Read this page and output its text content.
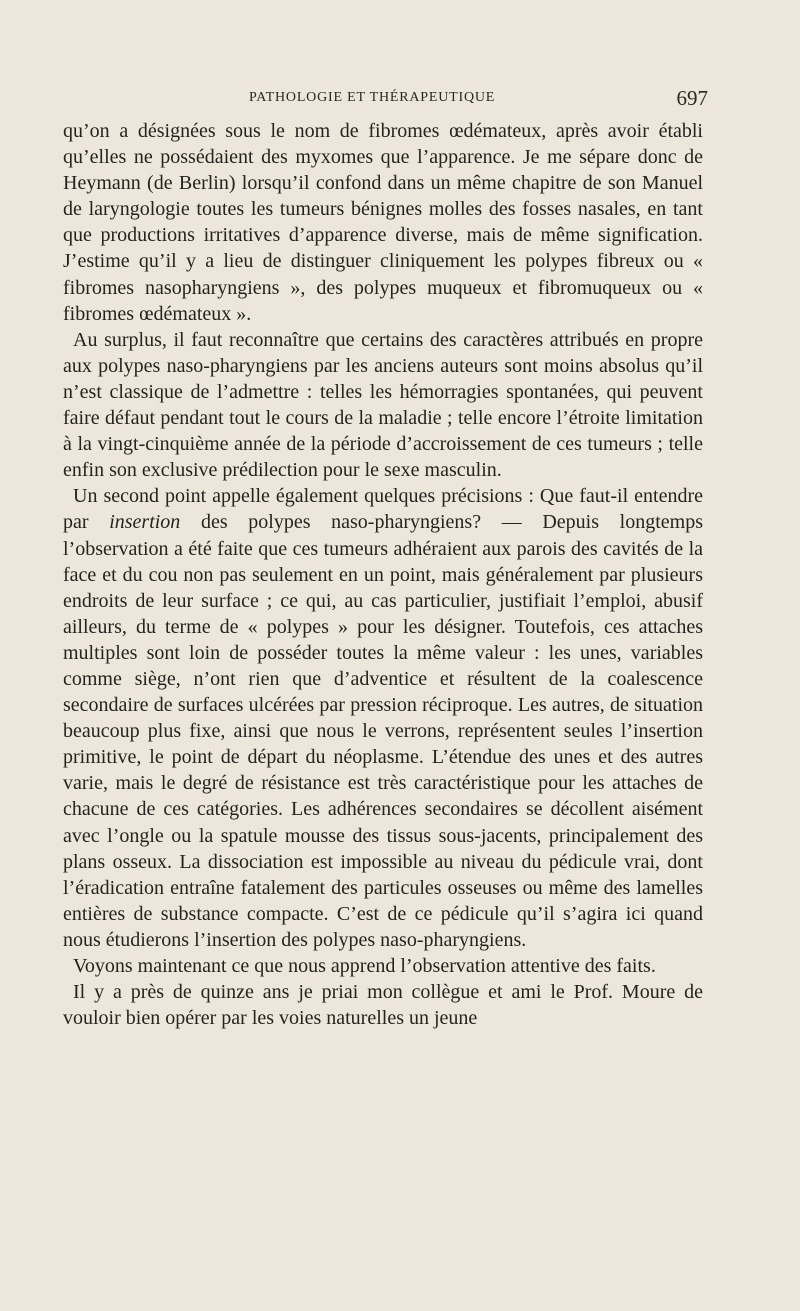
PATHOLOGIE ET THÉRAPEUTIQUE	697

qu’on a désignées sous le nom de fibromes œdémateux, après avoir établi qu’elles ne possédaient des myxomes que l’apparence. Je me sépare donc de Heymann (de Berlin) lorsqu’il confond dans un même chapitre de son Manuel de laryngologie toutes les tumeurs bénignes molles des fosses nasales, en tant que productions irritatives d’apparence diverse, mais de même signification. J’estime qu’il y a lieu de distinguer cliniquement les polypes fibreux ou « fibromes nasopharyngiens », des polypes muqueux et fibromuqueux ou « fibromes œdémateux ».

Au surplus, il faut reconnaître que certains des caractères attribués en propre aux polypes naso-pharyngiens par les anciens auteurs sont moins absolus qu’il n’est classique de l’admettre : telles les hémorragies spontanées, qui peuvent faire défaut pendant tout le cours de la maladie ; telle encore l’étroite limitation à la vingt-cinquième année de la période d’accroissement de ces tumeurs ; telle enfin son exclusive prédilection pour le sexe masculin.

Un second point appelle également quelques précisions : Que faut-il entendre par insertion des polypes naso-pharyngiens? — Depuis longtemps l’observation a été faite que ces tumeurs adhéraient aux parois des cavités de la face et du cou non pas seulement en un point, mais généralement par plusieurs endroits de leur surface ; ce qui, au cas particulier, justifiait l’emploi, abusif ailleurs, du terme de « polypes » pour les désigner. Toutefois, ces attaches multiples sont loin de posséder toutes la même valeur : les unes, variables comme siège, n’ont rien que d’adventice et résultent de la coalescence secondaire de surfaces ulcérées par pression réciproque. Les autres, de situation beaucoup plus fixe, ainsi que nous le verrons, représentent seules l’insertion primitive, le point de départ du néoplasme. L’étendue des unes et des autres varie, mais le degré de résistance est très caractéristique pour les attaches de chacune de ces catégories. Les adhérences secondaires se décollent aisément avec l’ongle ou la spatule mousse des tissus sous-jacents, principalement des plans osseux. La dissociation est impossible au niveau du pédicule vrai, dont l’éradication entraîne fatalement des particules osseuses ou même des lamelles entières de substance compacte. C’est de ce pédicule qu’il s’agira ici quand nous étudierons l’insertion des polypes naso-pharyngiens.

Voyons maintenant ce que nous apprend l’observation attentive des faits.

Il y a près de quinze ans je priai mon collègue et ami le Prof. Moure de vouloir bien opérer par les voies naturelles un jeune
